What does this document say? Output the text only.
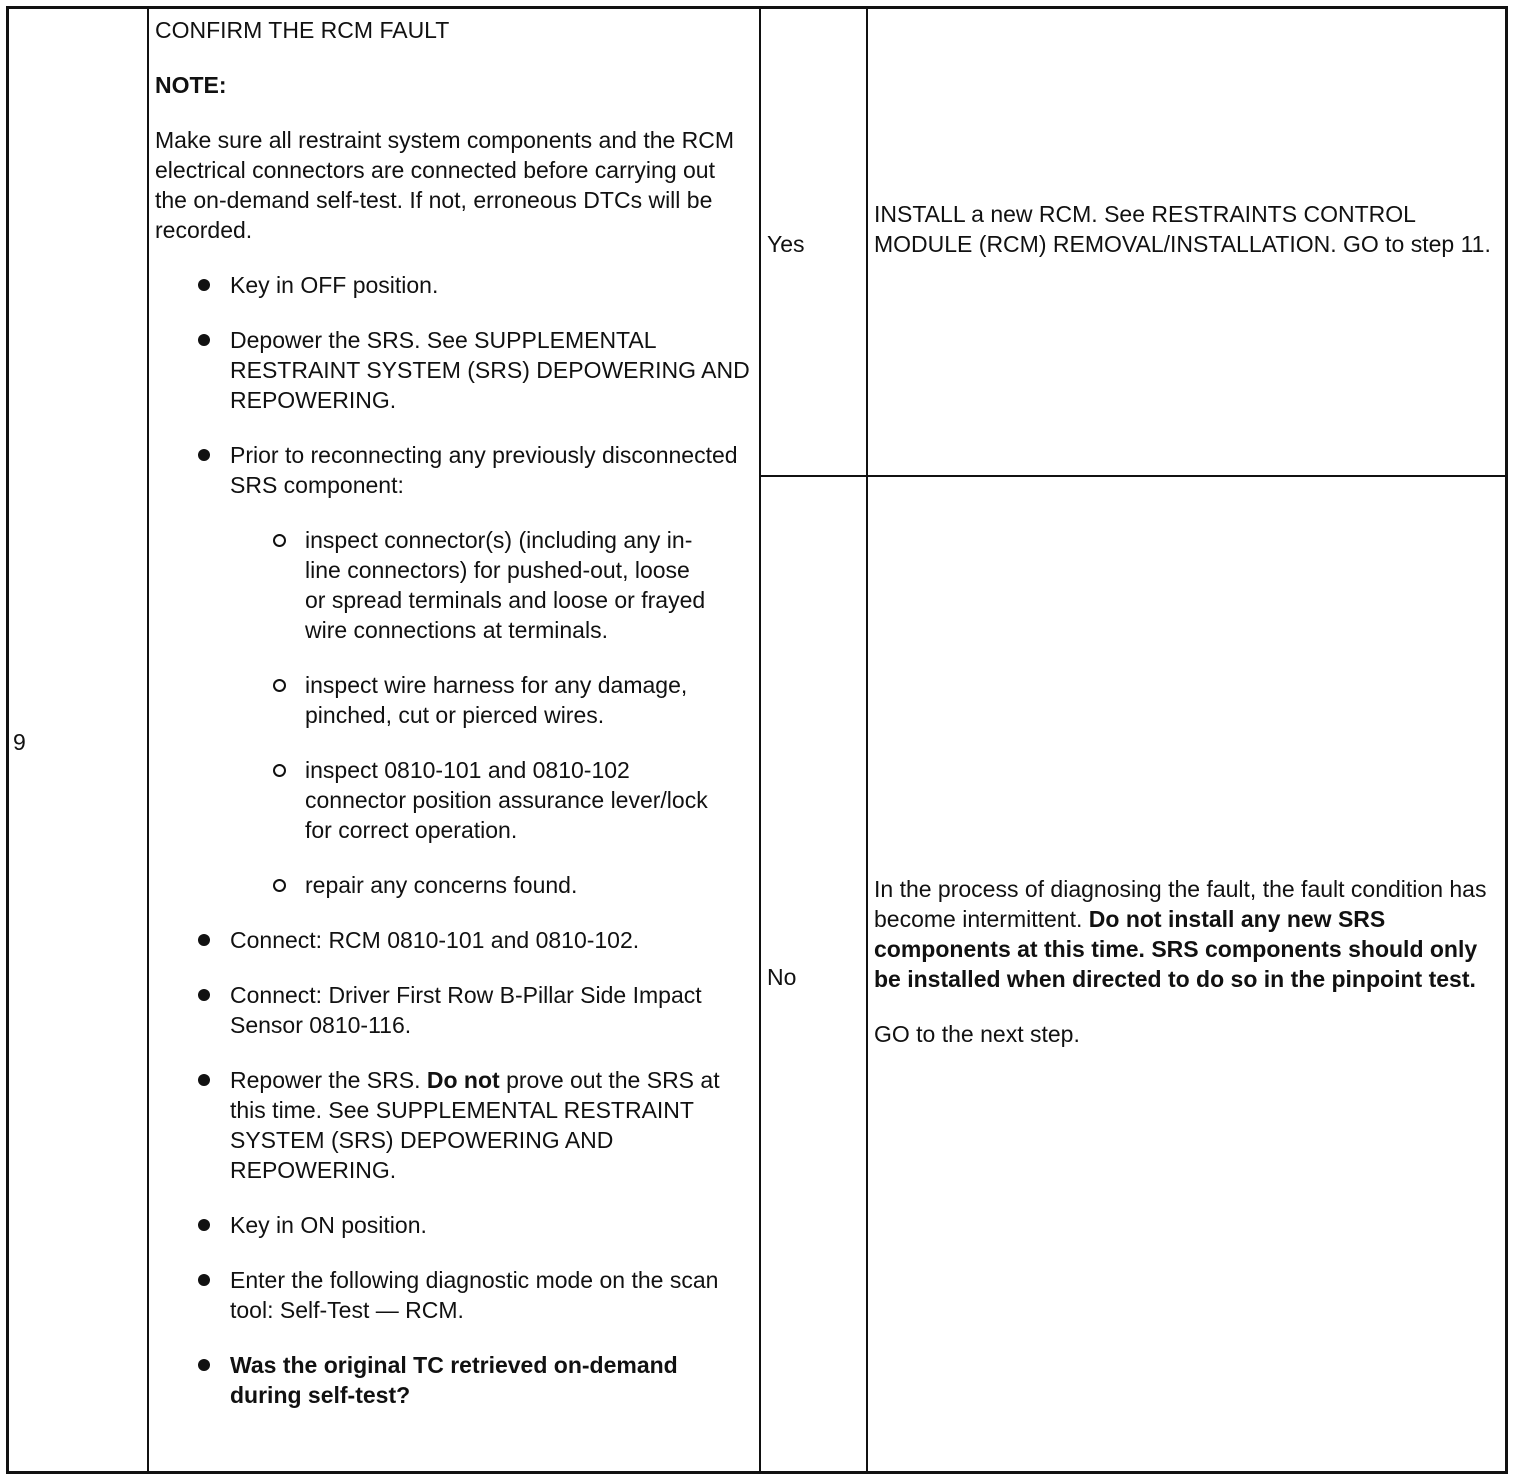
9

CONFIRM THE RCM FAULT

NOTE:

Make sure all restraint system components and the RCM electrical connectors are connected before carrying out the on-demand self-test. If not, erroneous DTCs will be recorded.

Key in OFF position.
Depower the SRS. See SUPPLEMENTAL RESTRAINT SYSTEM (SRS) DEPOWERING AND REPOWERING.
Prior to reconnecting any previously disconnected SRS component:
inspect connector(s) (including any in-line connectors) for pushed-out, loose or spread terminals and loose or frayed wire connections at terminals.
inspect wire harness for any damage, pinched, cut or pierced wires.
inspect 0810-101 and 0810-102 connector position assurance lever/lock for correct operation.
repair any concerns found.
Connect: RCM 0810-101 and 0810-102.
Connect: Driver First Row B-Pillar Side Impact Sensor 0810-116.
Repower the SRS. Do not prove out the SRS at this time. See SUPPLEMENTAL RESTRAINT SYSTEM (SRS) DEPOWERING AND REPOWERING.
Key in ON position.
Enter the following diagnostic mode on the scan tool: Self-Test — RCM.
Was the original TC retrieved on-demand during self-test?
Yes

INSTALL a new RCM. See RESTRAINTS CONTROL MODULE (RCM) REMOVAL/INSTALLATION. GO to step 11.

No

In the process of diagnosing the fault, the fault condition has become intermittent. Do not install any new SRS components at this time. SRS components should only be installed when directed to do so in the pinpoint test.

GO to the next step.
